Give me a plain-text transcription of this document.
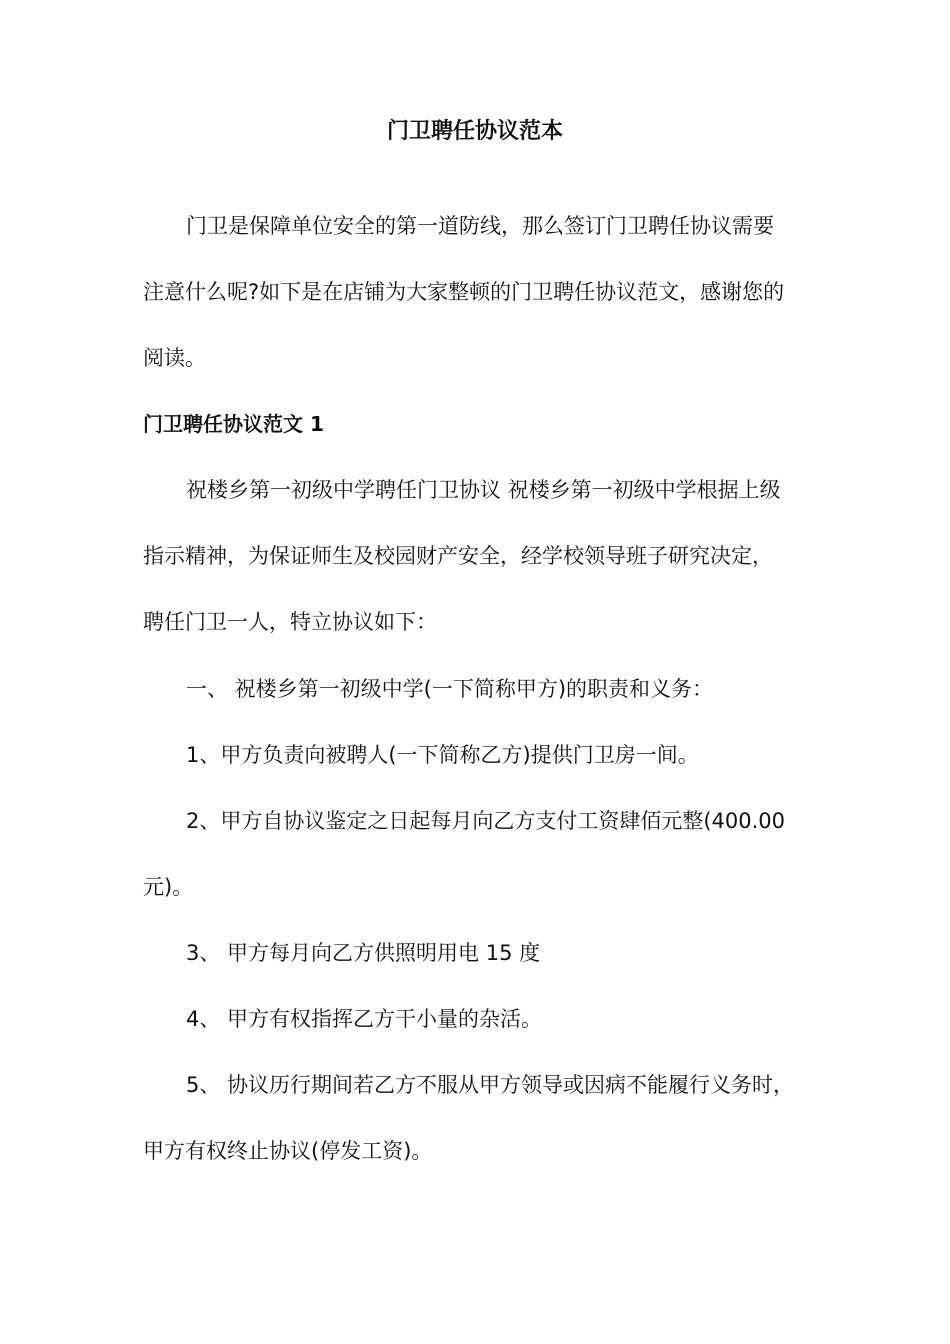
门卫聘任协议范本
门卫是保障单位安全的第一道防线，那么签订门卫聘任协议需要
注意什么呢?如下是在店铺为大家整顿的门卫聘任协议范文，感谢您的
阅读。
门卫聘任协议范文 1
祝楼乡第一初级中学聘任门卫协议 祝楼乡第一初级中学根据上级
指示精神，为保证师生及校园财产安全，经学校领导班子研究决定，
聘任门卫一人，特立协议如下：
一、 祝楼乡第一初级中学(一下简称甲方)的职责和义务：
1、甲方负责向被聘人(一下简称乙方)提供门卫房一间。
2、甲方自协议鉴定之日起每月向乙方支付工资肆佰元整(400.00
元)。
3、 甲方每月向乙方供照明用电 15 度
4、 甲方有权指挥乙方干小量的杂活。
5、 协议历行期间若乙方不服从甲方领导或因病不能履行义务时，
甲方有权终止协议(停发工资)。
